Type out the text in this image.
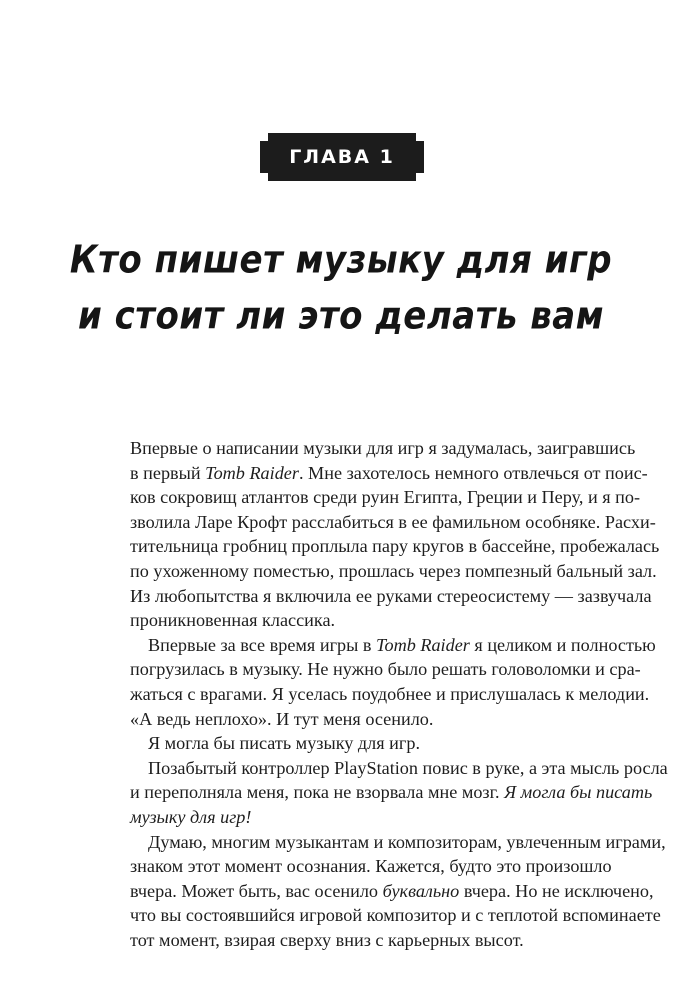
ГЛАВА 1
Кто пишет музыку для игр
и стоит ли это делать вам
Впервые о написании музыки для игр я задумалась, заигравшись
в первый Tomb Raider. Мне захотелось немного отвлечься от поис-
ков сокровищ атлантов среди руин Египта, Греции и Перу, и я по-
зволила Ларе Крофт расслабиться в ее фамильном особняке. Расхи-
тительница гробниц проплыла пару кругов в бассейне, пробежалась
по ухоженному поместью, прошлась через помпезный бальный зал.
Из любопытства я включила ее руками стереосистему — зазвучала
проникновенная классика.
Впервые за все время игры в Tomb Raider я целиком и полностью
погрузилась в музыку. Не нужно было решать головоломки и сра-
жаться с врагами. Я уселась поудобнее и прислушалась к мелодии.
«А ведь неплохо». И тут меня осенило.
Я могла бы писать музыку для игр.
Позабытый контроллер PlayStation повис в руке, а эта мысль росла
и переполняла меня, пока не взорвала мне мозг. Я могла бы писать
музыку для игр!
Думаю, многим музыкантам и композиторам, увлеченным играми,
знаком этот момент осознания. Кажется, будто это произошло
вчера. Может быть, вас осенило буквально вчера. Но не исключено,
что вы состоявшийся игровой композитор и с теплотой вспоминаете
тот момент, взирая сверху вниз с карьерных высот.
